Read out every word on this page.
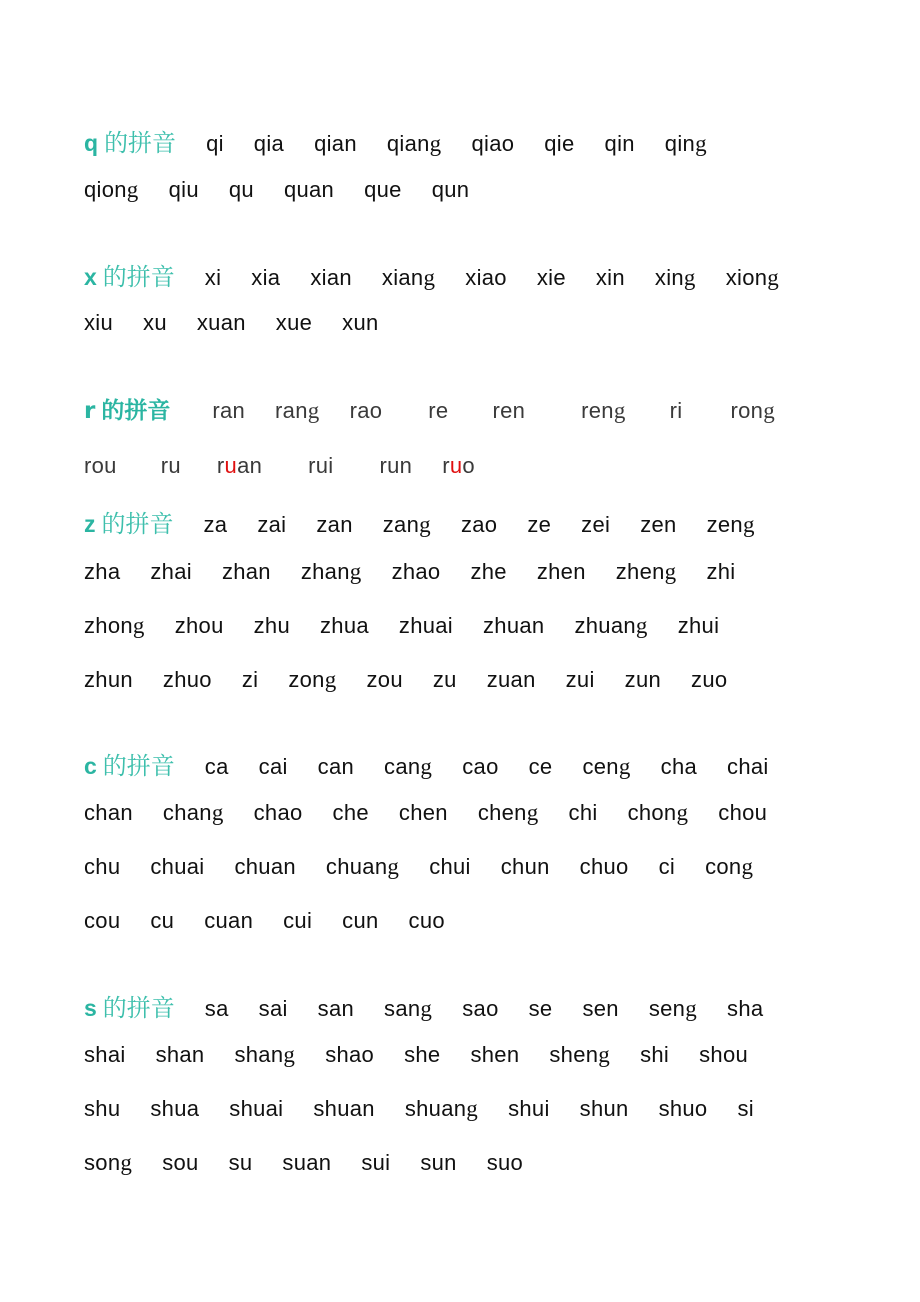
q 的拼音 qi qia qian qiang qiao qie qin qing
qiong qiu qu quan que qun
x 的拼音 xi xia xian xiang xiao xie xin xing xiong
xiu xu xuan xue xun
r 的拼音 ran rang rao re ren	reng ri rong
rou ru ruan rui run ruo
z 的拼音 za zai zan zang zao ze zei zen zeng
zha zhai zhan zhang zhao zhe zhen zheng zhi
zhong zhou zhu zhua zhuai zhuan zhuang zhui
zhun zhuo zi zong zou zu zuan zui zun zuo
c 的拼音 ca cai can cang cao ce ceng cha chai
chan chang chao che chen cheng chi chong chou
chu chuai chuan chuang chui chun chuo ci cong
cou cu cuan cui cun cuo
s 的拼音 sa sai san sang sao se sen seng sha
shai shan shang shao she shen sheng shi shou
shu shua shuai shuan shuang shui shun shuo si
song sou su suan sui sun suo
